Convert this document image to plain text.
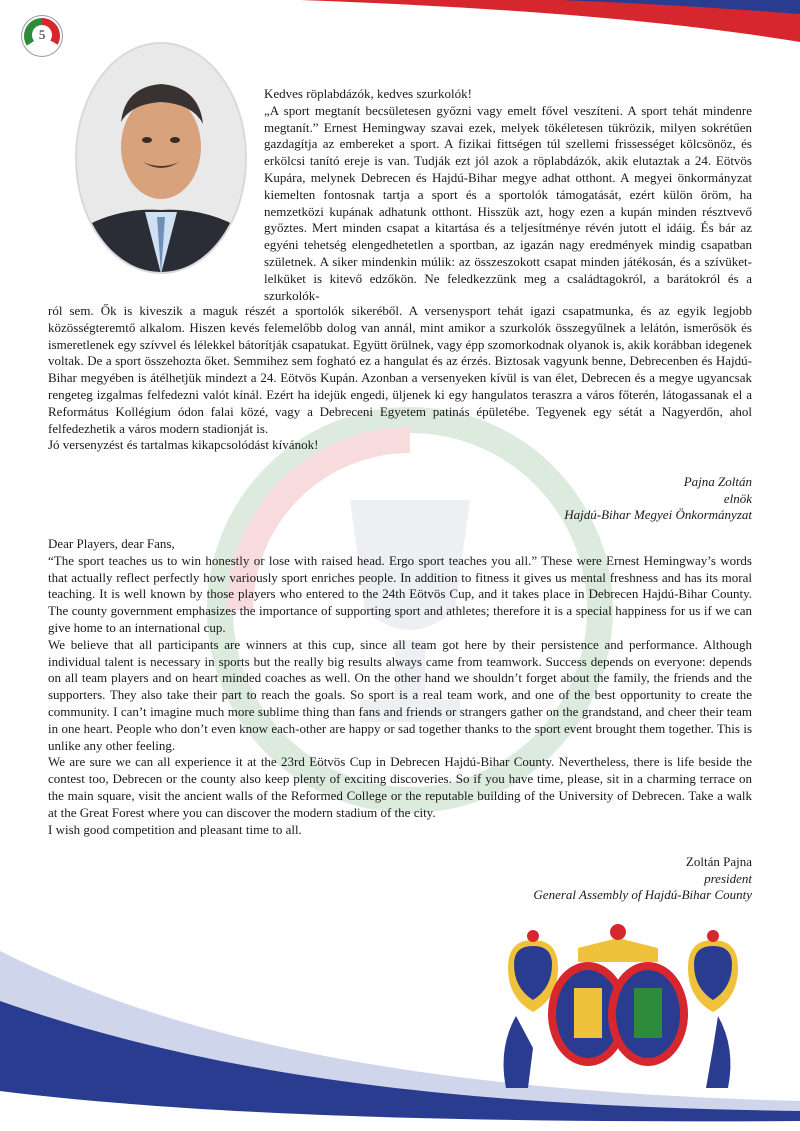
5
Kedves röplabdázók, kedves szurkolók!

„A sport megtanít becsületesen győzni vagy emelt fővel veszíteni. A sport tehát mindenre megtanít.” Ernest Hemingway szavai ezek, melyek tökéletesen tükrözik, milyen sokrétűen gazdagítja az embereket a sport. A fizikai fittségen túl szellemi frissességet kölcsönöz, és erkölcsi tanító ereje is van. Tudják ezt jól azok a röplabdázók, akik elutaztak a 24. Eötvös Kupára, melynek Debrecen és Hajdú-Bihar megye adhat otthont. A megyei önkormányzat kiemelten fontosnak tartja a sport és a sportolók támogatását, ezért külön öröm, ha nemzetközi kupának adhatunk otthont. Hisszük azt, hogy ezen a kupán minden résztvevő győztes. Mert minden csapat a kitartása és a teljesítménye révén jutott el idáig. És bár az egyéni tehetség elengedhetetlen a sportban, az igazán nagy eredmények mindig csapatban születnek. A siker mindenkin múlik: az összeszokott csapat minden játékosán, és a szívüket-lelküket is kitevő edzőkön. Ne feledkezzünk meg a családtagokról, a barátokról és a szurkolók-

ról sem. Ők is kiveszik a maguk részét a sportolók sikeréből. A versenysport tehát igazi csapatmunka, és az egyik legjobb közösségteremtő alkalom. Hiszen kevés felemelőbb dolog van annál, mint amikor a szurkolók összegyűlnek a lelátón, ismerősök és ismeretlenek egy szívvel és lélekkel bátorítják csapatukat. Együtt örülnek, vagy épp szomorkodnak olyanok is, akik korábban idegenek voltak. De a sport összehozta őket. Semmihez sem fogható ez a hangulat és az érzés. Biztosak vagyunk benne, Debrecenben és Hajdú-Bihar megyében is átélhetjük mindezt a 24. Eötvös Kupán. Azonban a versenyeken kívül is van élet, Debrecen és a megye ugyancsak rengeteg izgalmas felfedezni valót kínál. Ezért ha idejük engedi, üljenek ki egy hangulatos teraszra a város főterén, látogassanak el a Református Kollégium ódon falai közé, vagy a Debreceni Egyetem patinás épületébe. Tegyenek egy sétát a Nagyerdőn, ahol felfedezhetik a város modern stadionját is.

Jó versenyzést és tartalmas kikapcsolódást kívánok!

Pajna Zoltán
elnök
Hajdú-Bihar Megyei Önkormányzat
Dear Players, dear Fans,

“The sport teaches us to win honestly or lose with raised head. Ergo sport teaches you all.” These were Ernest Hemingway’s words that actually reflect perfectly how variously sport enriches people. In addition to fitness it gives us mental freshness and has its moral teaching. It is well known by those players who entered to the 24th Eötvös Cup, and it takes place in Debrecen Hajdú-Bihar County. The county government emphasizes the importance of supporting sport and athletes; therefore it is a special happiness for us if we can give home to an international cup.

We believe that all participants are winners at this cup, since all team got here by their persistence and performance. Although individual talent is necessary in sports but the really big results always came from teamwork. Success depends on everyone: depends on all team players and on heart minded coaches as well. On the other hand we shouldn’t forget about the family, the friends and the supporters. They also take their part to reach the goals. So sport is a real team work, and one of the best opportunity to create the community. I can’t imagine much more sublime thing than fans and friends or strangers gather on the grandstand, and cheer their team in one heart. People who don’t even know each-other are happy or sad together thanks to the sport event brought them together. This is unlike any other feeling.

We are sure we can all experience it at the 23rd Eötvös Cup in Debrecen Hajdú-Bihar County. Nevertheless, there is life beside the contest too, Debrecen or the county also keep plenty of exciting discoveries. So if you have time, please, sit in a charming terrace on the main square, visit the ancient walls of the Reformed College or the reputable building of the University of Debrecen. Take a walk at the Great Forest where you can discover the modern stadium of the city.

I wish good competition and pleasant time to all.

Zoltán Pajna
president
General Assembly of Hajdú-Bihar County
